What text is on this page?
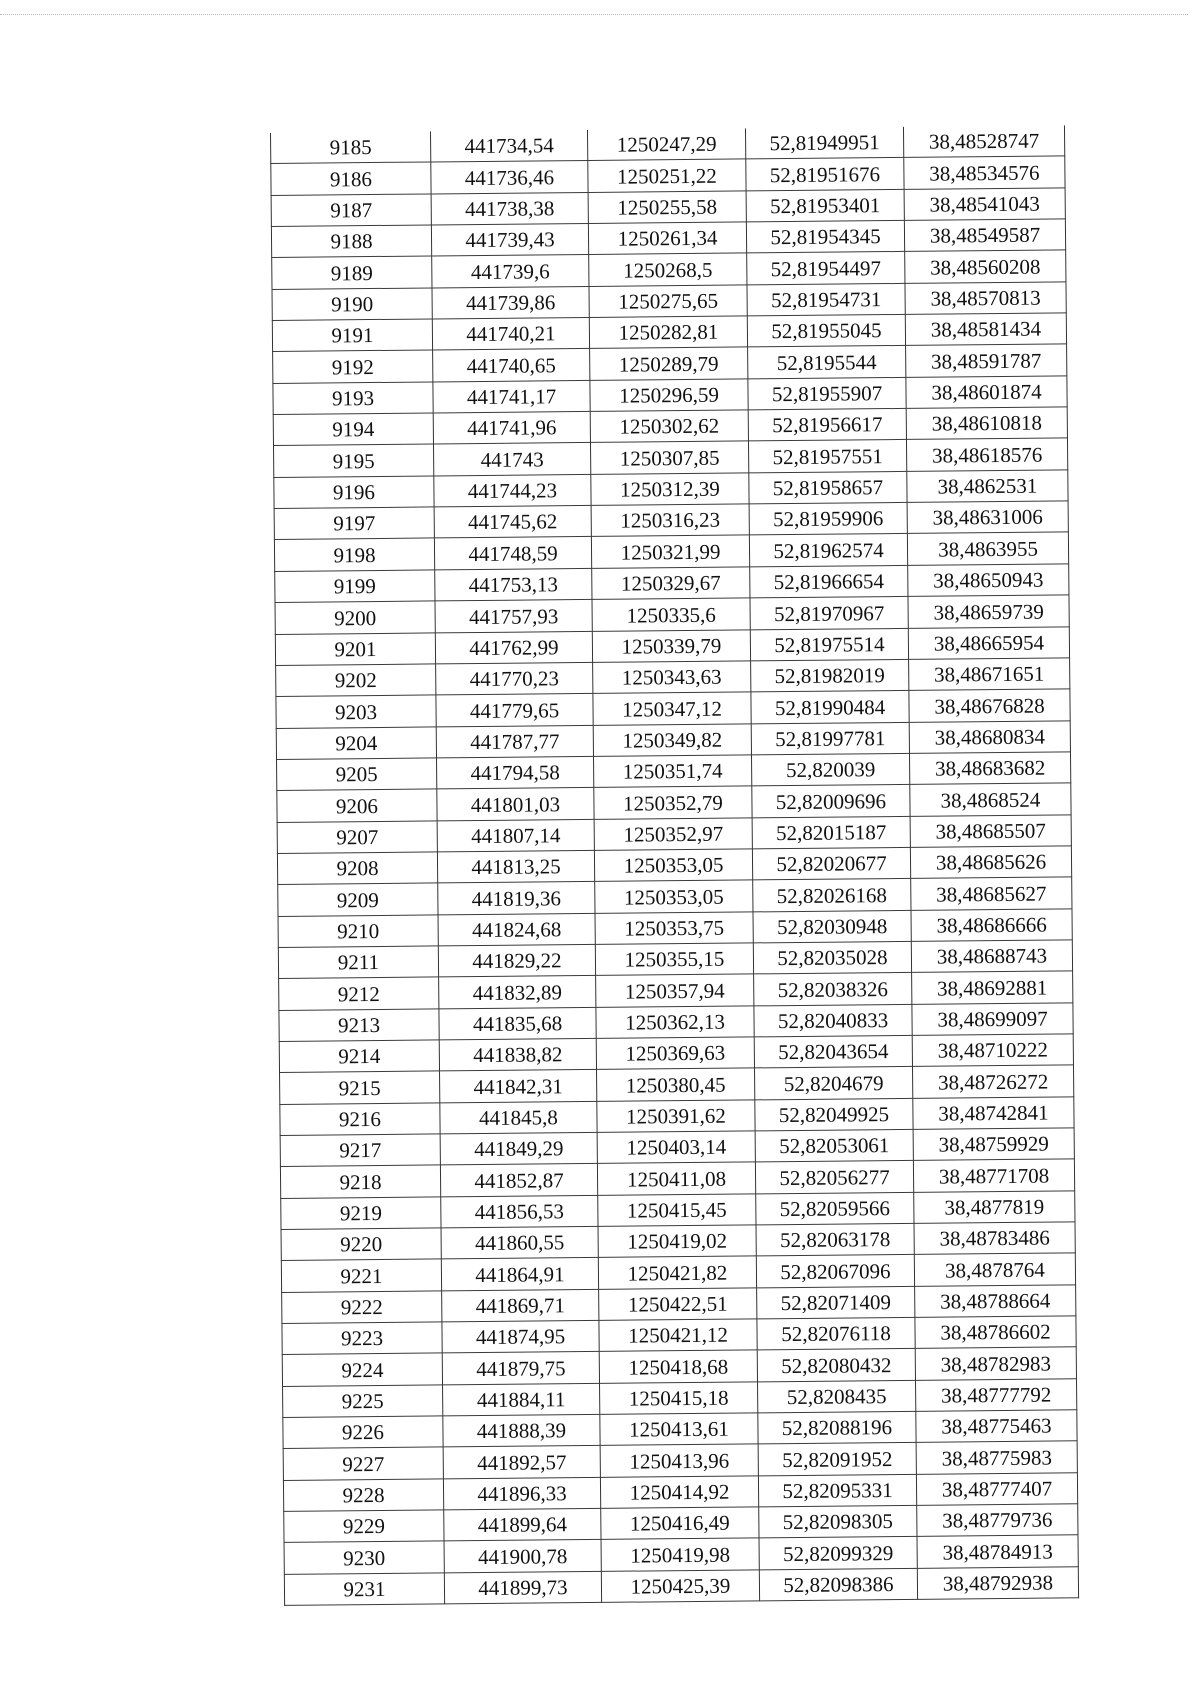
9185	441734,54	1250247,29	52,81949951	38,48528747
9186	441736,46	1250251,22	52,81951676	38,48534576
9187	441738,38	1250255,58	52,81953401	38,48541043
9188	441739,43	1250261,34	52,81954345	38,48549587
9189	441739,6	1250268,5	52,81954497	38,48560208
9190	441739,86	1250275,65	52,81954731	38,48570813
9191	441740,21	1250282,81	52,81955045	38,48581434
9192	441740,65	1250289,79	52,8195544	38,48591787
9193	441741,17	1250296,59	52,81955907	38,48601874
9194	441741,96	1250302,62	52,81956617	38,48610818
9195	441743	1250307,85	52,81957551	38,48618576
9196	441744,23	1250312,39	52,81958657	38,4862531
9197	441745,62	1250316,23	52,81959906	38,48631006
9198	441748,59	1250321,99	52,81962574	38,4863955
9199	441753,13	1250329,67	52,81966654	38,48650943
9200	441757,93	1250335,6	52,81970967	38,48659739
9201	441762,99	1250339,79	52,81975514	38,48665954
9202	441770,23	1250343,63	52,81982019	38,48671651
9203	441779,65	1250347,12	52,81990484	38,48676828
9204	441787,77	1250349,82	52,81997781	38,48680834
9205	441794,58	1250351,74	52,820039	38,48683682
9206	441801,03	1250352,79	52,82009696	38,4868524
9207	441807,14	1250352,97	52,82015187	38,48685507
9208	441813,25	1250353,05	52,82020677	38,48685626
9209	441819,36	1250353,05	52,82026168	38,48685627
9210	441824,68	1250353,75	52,82030948	38,48686666
9211	441829,22	1250355,15	52,82035028	38,48688743
9212	441832,89	1250357,94	52,82038326	38,48692881
9213	441835,68	1250362,13	52,82040833	38,48699097
9214	441838,82	1250369,63	52,82043654	38,48710222
9215	441842,31	1250380,45	52,8204679	38,48726272
9216	441845,8	1250391,62	52,82049925	38,48742841
9217	441849,29	1250403,14	52,82053061	38,48759929
9218	441852,87	1250411,08	52,82056277	38,48771708
9219	441856,53	1250415,45	52,82059566	38,4877819
9220	441860,55	1250419,02	52,82063178	38,48783486
9221	441864,91	1250421,82	52,82067096	38,4878764
9222	441869,71	1250422,51	52,82071409	38,48788664
9223	441874,95	1250421,12	52,82076118	38,48786602
9224	441879,75	1250418,68	52,82080432	38,48782983
9225	441884,11	1250415,18	52,8208435	38,48777792
9226	441888,39	1250413,61	52,82088196	38,48775463
9227	441892,57	1250413,96	52,82091952	38,48775983
9228	441896,33	1250414,92	52,82095331	38,48777407
9229	441899,64	1250416,49	52,82098305	38,48779736
9230	441900,78	1250419,98	52,82099329	38,48784913
9231	441899,73	1250425,39	52,82098386	38,48792938
